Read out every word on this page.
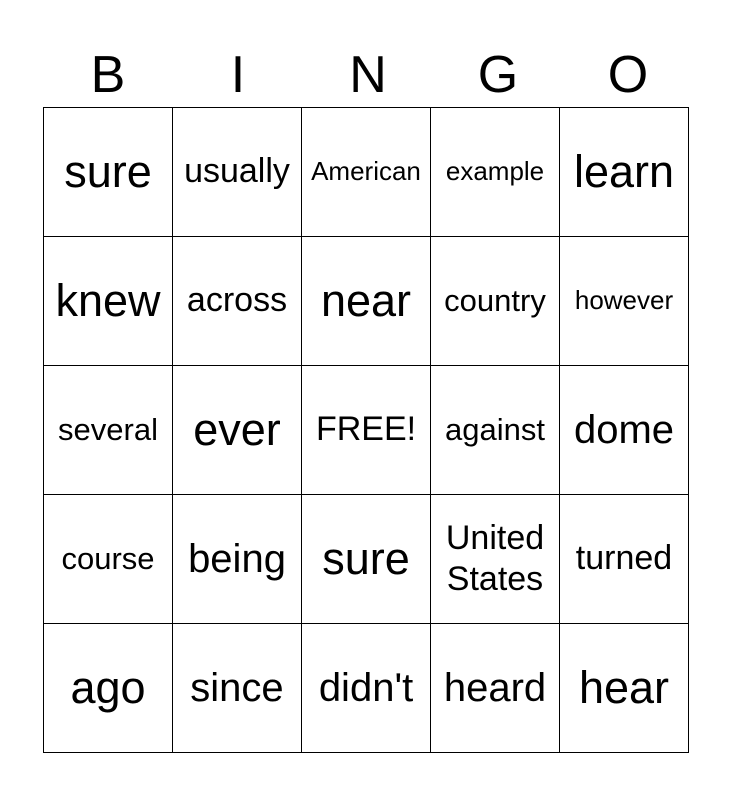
B	I	N	G	O
sure	usually	American	example	learn
knew	across	near	country	however
several	ever	FREE!	against	dome
course	being	sure	United States	turned
ago	since	didn't	heard	hear
